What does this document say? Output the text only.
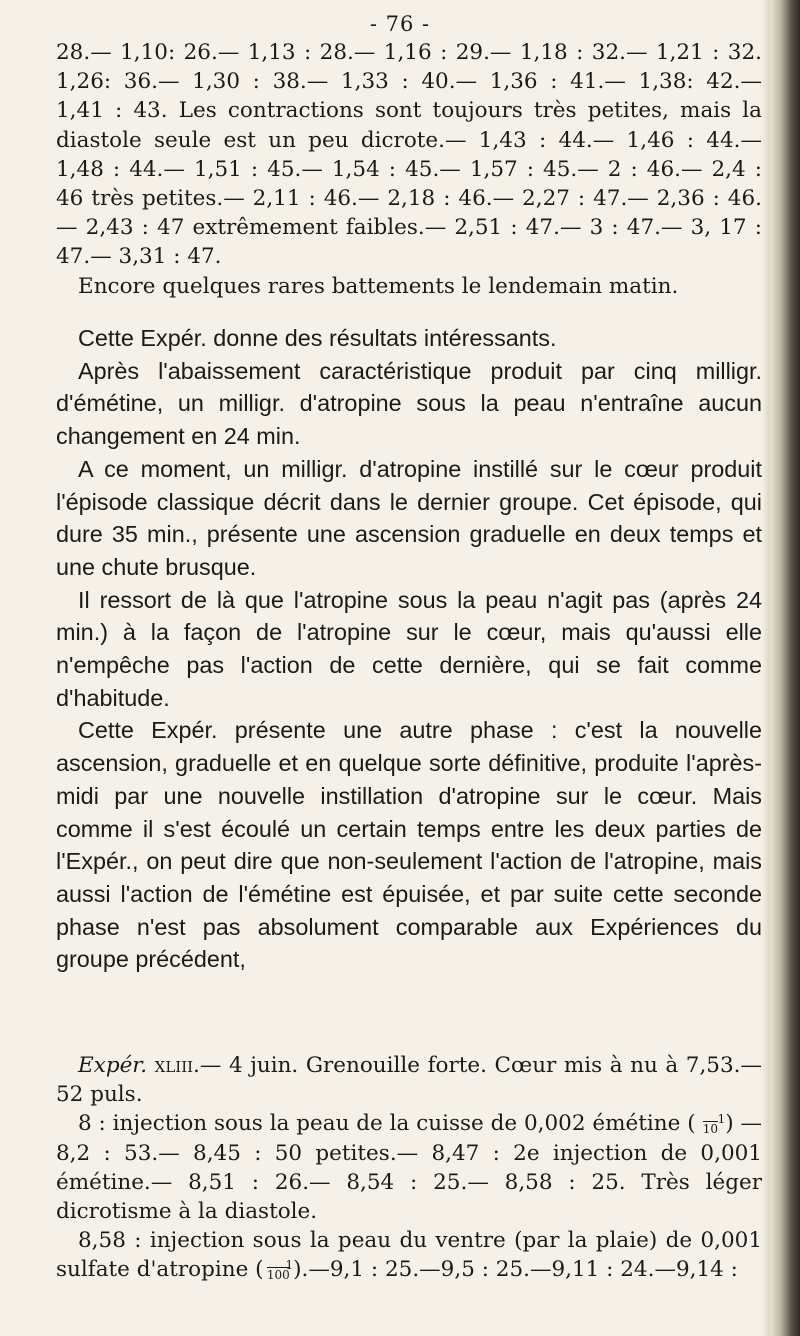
- 76 -

28.— 1,10: 26.— 1,13 : 28.— 1,16 : 29.— 1,18 : 32.— 1,21 : 32.

1,26: 36.— 1,30 : 38.— 1,33 : 40.— 1,36 : 41.— 1,38: 42.—

1,41 : 43. Les contractions sont toujours très petites, mais la

diastole seule est un peu dicrote.— 1,43 : 44.— 1,46 : 44.—

1,48 : 44.— 1,51 : 45.— 1,54 : 45.— 1,57 : 45.— 2 : 46.— 2,4 :

46 très petites.— 2,11 : 46.— 2,18 : 46.— 2,27 : 47.— 2,36 : 46.

— 2,43 : 47 extrêmement faibles.— 2,51 : 47.— 3 : 47.— 3, 17 :

47.— 3,31 : 47.

Encore quelques rares battements le lendemain matin.

Cette Expér. donne des résultats intéressants.

Après l'abaissement caractéristique produit par cinq milligr. d'émétine, un milligr. d'atropine sous la peau n'entraîne aucun changement en 24 min.

A ce moment, un milligr. d'atropine instillé sur le cœur produit l'épisode classique décrit dans le dernier groupe. Cet épisode, qui dure 35 min., présente une ascension graduelle en deux temps et une chute brusque.

Il ressort de là que l'atropine sous la peau n'agit pas (après 24 min.) à la façon de l'atropine sur le cœur, mais qu'aussi elle n'empêche pas l'action de cette dernière, qui se fait comme d'habitude.

Cette Expér. présente une autre phase : c'est la nouvelle ascension, graduelle et en quelque sorte définitive, produite l'après-midi par une nouvelle instillation d'atropine sur le cœur. Mais comme il s'est écoulé un certain temps entre les deux parties de l'Expér., on peut dire que non-seulement l'action de l'atropine, mais aussi l'action de l'émétine est épuisée, et par suite cette seconde phase n'est pas absolument comparable aux Expériences du groupe précédent,

Expér. xliii.— 4 juin. Grenouille forte. Cœur mis à nu à 7,53.— 52 puls.

8 : injection sous la peau de la cuisse de 0,002 émétine ( 1
10 ) — 8,2 : 53.— 8,45 : 50 petites.— 8,47 : 2e injection de 0,001 émétine.— 8,51 : 26.— 8,54 : 25.— 8,58 : 25. Très léger dicrotisme à la diastole.

8,58 : injection sous la peau du ventre (par la plaie) de 0,001 sulfate d'atropine ( 1
100 ).—9,1 : 25.—9,5 : 25.—9,11 : 24.—9,14 :
